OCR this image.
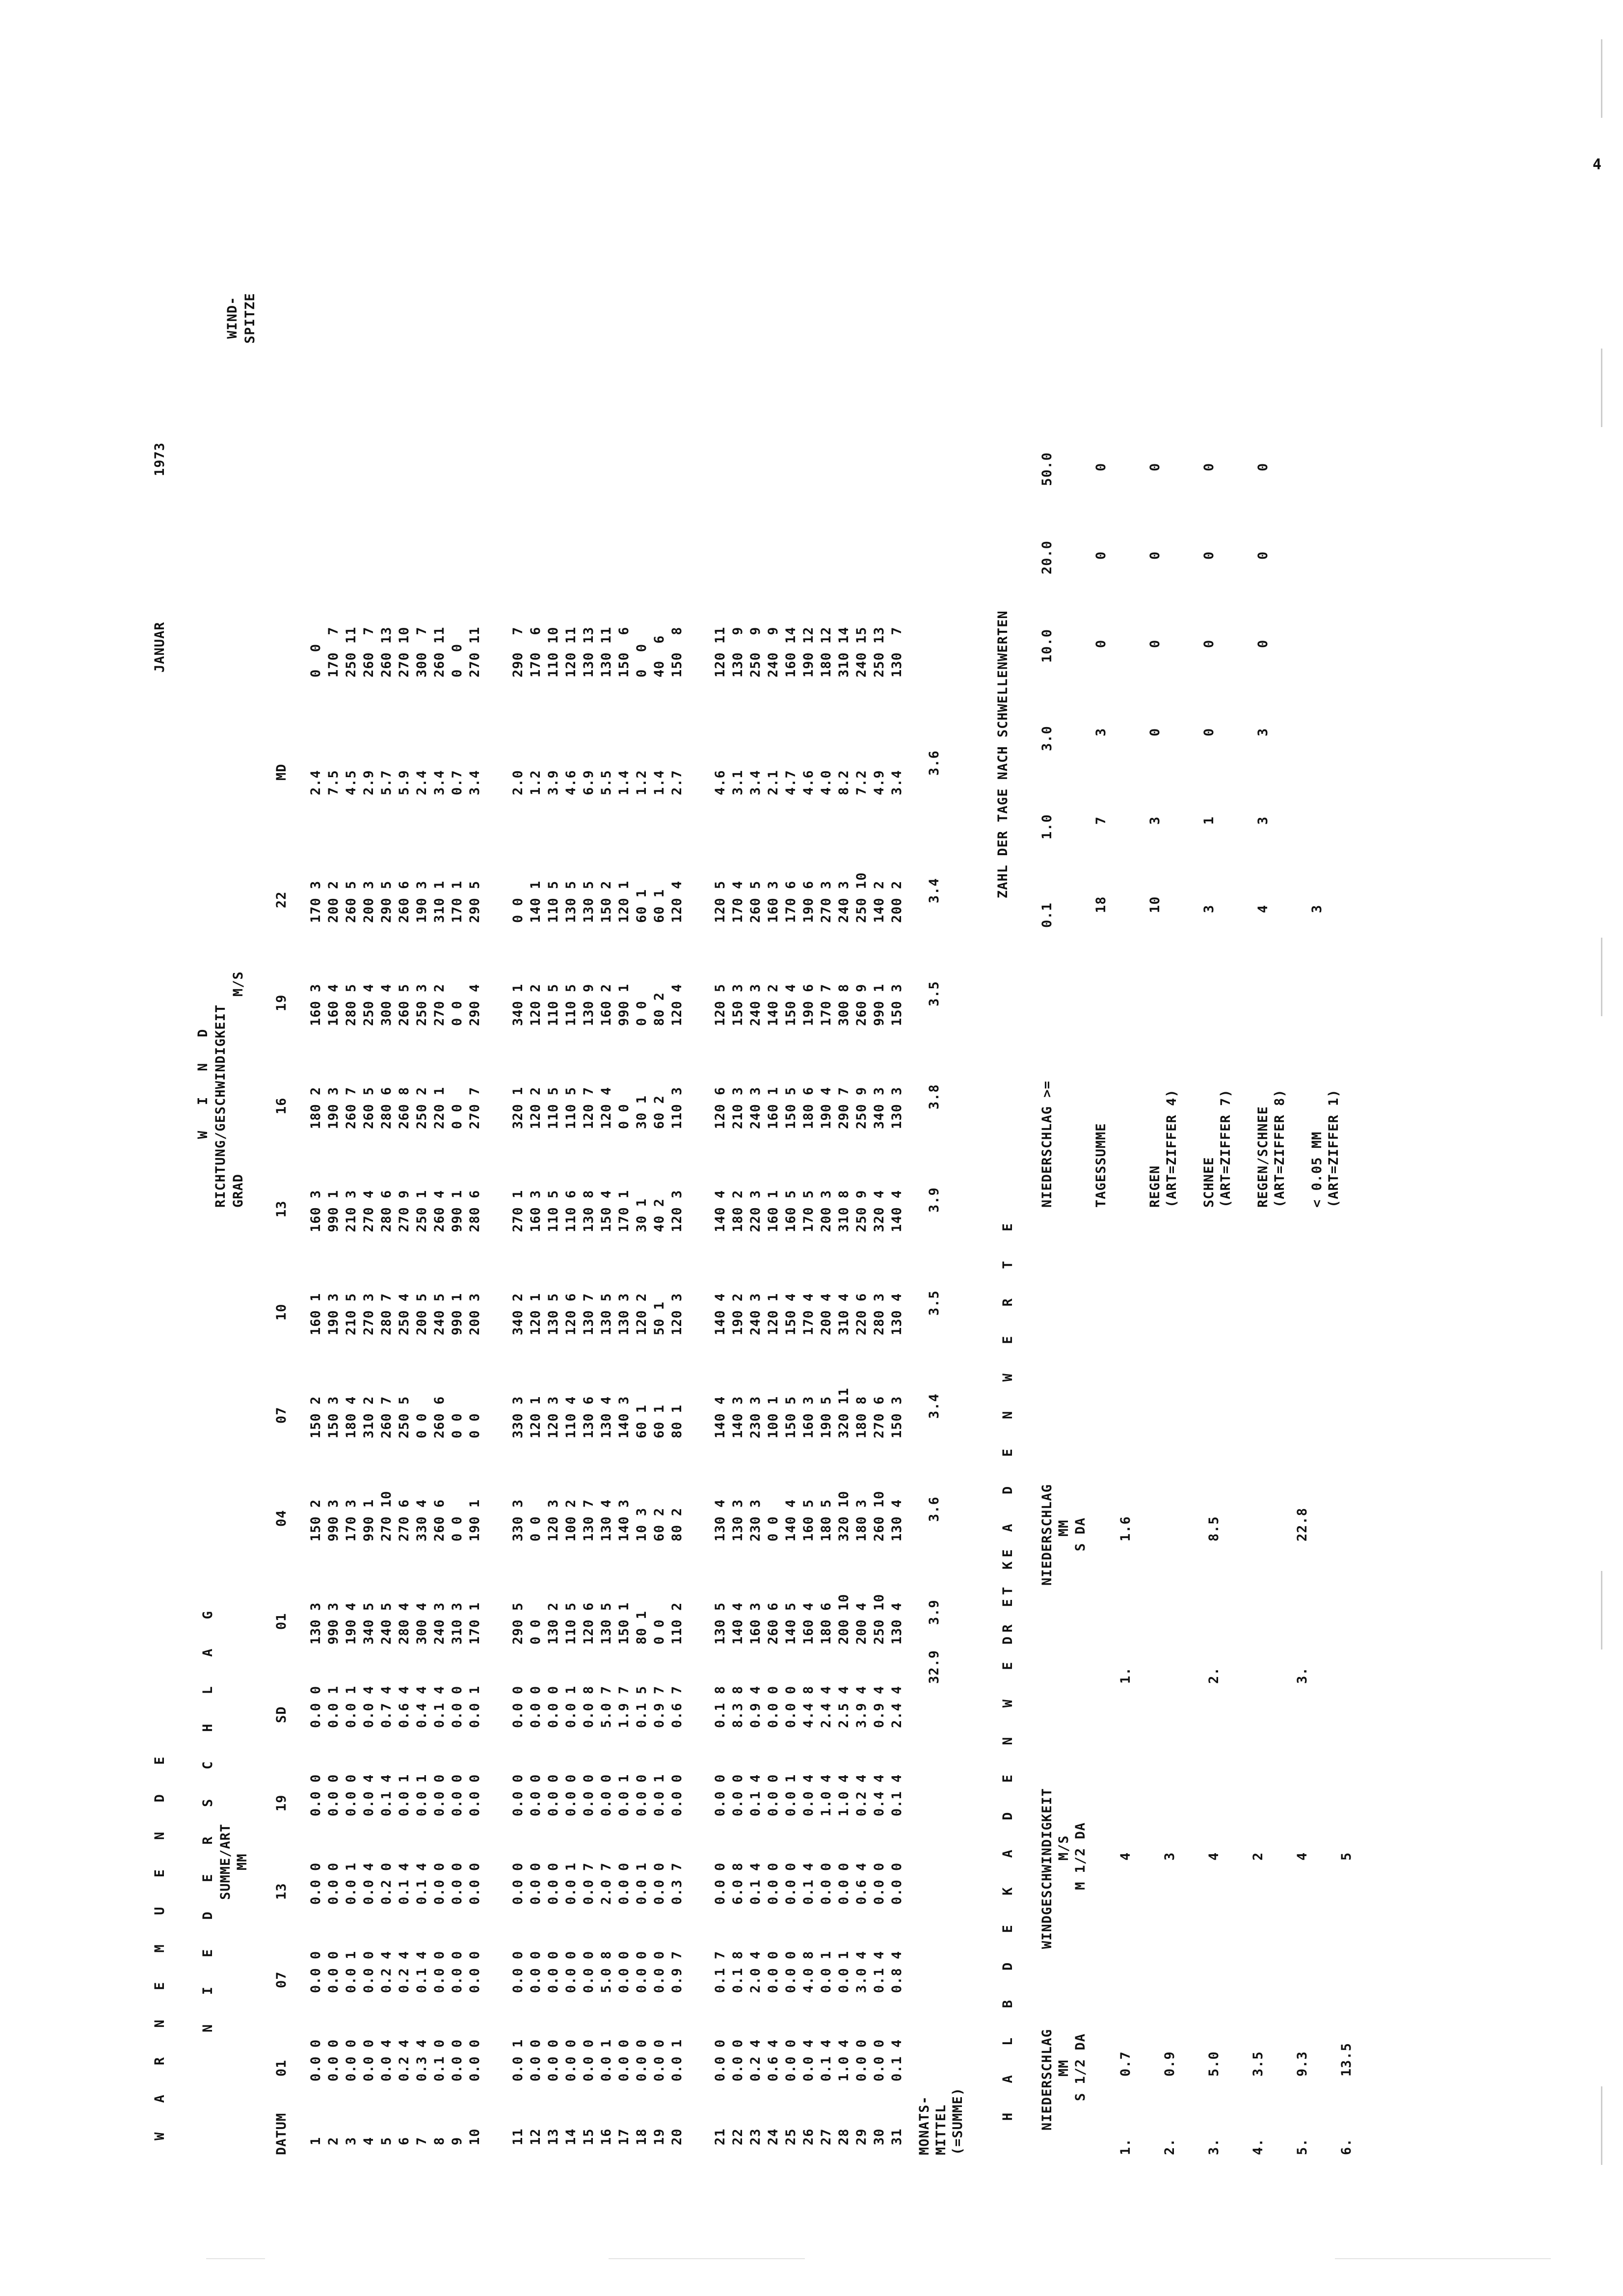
4
W A R N E M U E N D E
JANUAR
1973
N I E D E R S C H L A G SUMME/ART MM
W   I   N   D RICHTUNG/GESCHWINDIGKEIT GRAD
M/S
WIND- SPITZE
DATUM
01
07
13
19
SD
01
04
07
10
13
16
19
22
MD
1
0.0 0
0.0 0
0.0 0
0.0 0
0.0 0
130 3
150 2
150 2
160 1
160 3
180 2
160 3
170 3
2.4
0  0
2
0.0 0
0.0 0
0.0 0
0.0 0
0.0 1
990 3
990 3
150 3
190 3
990 1
190 3
160 4
200 2
7.5
170  7
3
0.0 0
0.0 1
0.0 1
0.0 0
0.0 1
190 4
170 3
180 4
210 5
210 3
260 7
280 5
260 5
4.5
250 11
4
0.0 0
0.0 0
0.0 4
0.0 4
0.0 4
340 5
990 1
310 2
270 3
270 4
260 5
250 4
200 3
2.9
260  7
5
0.0 4
0.2 4
0.2 0
0.1 4
0.7 4
240 5
270 10
260 7
280 7
280 6
280 6
300 4
290 5
5.7
260 13
6
0.2 4
0.2 4
0.1 4
0.0 1
0.6 4
280 4
270 6
250 5
250 4
270 9
260 8
260 5
260 6
5.9
270 10
7
0.3 4
0.1 4
0.1 4
0.0 1
0.4 4
300 4
330 4
0 0
200 5
250 1
250 2
250 3
190 3
2.4
300  7
8
0.1 0
0.0 0
0.0 0
0.0 0
0.1 4
240 3
260 6
260 6
240 5
260 4
220 1
270 2
310 1
3.4
260 11
9
0.0 0
0.0 0
0.0 0
0.0 0
0.0 0
310 3
0 0
0 0
990 1
990 1
0 0
0 0
170 1
0.7
0  0
10
0.0 0
0.0 0
0.0 0
0.0 0
0.0 1
170 1
190 1
0 0
200 3
280 6
270 7
290 4
290 5
3.4
270 11
11
0.0 1
0.0 0
0.0 0
0.0 0
0.0 0
290 5
330 3
330 3
340 2
270 1
320 1
340 1
0 0
2.0
290  7
12
0.0 0
0.0 0
0.0 0
0.0 0
0.0 0
0 0
0 0
120 1
120 1
160 3
120 2
120 2
140 1
1.2
170  6
13
0.0 0
0.0 0
0.0 0
0.0 0
0.0 0
130 2
120 3
120 3
130 5
110 5
110 5
110 5
110 5
3.9
110 10
14
0.0 0
0.0 0
0.0 1
0.0 0
0.0 1
110 5
100 2
110 4
120 6
110 6
110 5
110 5
130 5
4.6
120 11
15
0.0 0
0.0 0
0.0 7
0.0 0
0.0 8
120 6
130 7
130 6
130 7
130 8
120 7
130 9
130 5
6.9
130 13
16
0.0 1
5.0 8
2.0 7
0.0 0
5.0 7
130 5
130 4
130 4
130 5
150 4
120 4
160 2
150 2
5.5
130 11
17
0.0 0
0.0 0
0.0 0
0.0 1
1.9 7
150 1
140 3
140 3
130 3
170 1
0 0
990 1
120 1
1.4
150  6
18
0.0 0
0.0 0
0.0 1
0.0 0
0.1 5
80 1
10 3
60 1
120 2
30 1
30 1
0 0
60 1
1.2
0  0
19
0.0 0
0.0 0
0.0 0
0.0 1
0.9 7
0 0
60 2
60 1
50 1
40 2
60 2
80 2
60 1
1.4
40  6
20
0.0 1
0.9 7
0.3 7
0.0 0
0.6 7
110 2
80 2
80 1
120 3
120 3
110 3
120 4
120 4
2.7
150  8
21
0.0 0
0.1 7
0.0 0
0.0 0
0.1 8
130 5
130 4
140 4
140 4
140 4
120 6
120 5
120 5
4.6
120 11
22
0.0 0
0.1 8
6.0 8
0.0 0
8.3 8
140 4
130 3
140 3
190 2
180 2
210 3
150 3
170 4
3.1
130  9
23
0.2 4
2.0 4
0.1 4
0.1 4
0.9 4
160 3
230 3
230 3
240 3
220 3
240 3
240 3
260 5
3.4
250  9
24
0.6 4
0.0 0
0.0 0
0.0 0
0.0 0
260 6
0 0
100 1
120 1
160 1
160 1
140 2
160 3
2.1
240  9
25
0.0 0
0.0 0
0.0 0
0.0 1
0.0 0
140 5
140 4
150 5
150 4
160 5
150 5
150 4
170 6
4.7
160 14
26
0.0 4
4.0 8
0.1 4
0.0 4
4.4 8
160 4
160 5
160 3
170 4
170 5
180 6
190 6
190 6
4.6
190 12
27
0.1 4
0.0 1
0.0 0
1.0 4
2.4 4
180 6
180 5
190 5
200 4
200 3
190 4
170 7
270 3
4.0
180 12
28
1.0 4
0.0 1
0.0 0
1.0 4
2.5 4
200 10
320 10
320 11
310 4
310 8
290 7
300 8
240 3
8.2
310 14
29
0.0 0
3.0 4
0.6 4
0.2 4
3.9 4
200 4
180 3
180 8
220 6
250 9
250 9
260 9
250 10
7.2
240 15
30
0.0 0
0.1 4
0.0 0
0.4 4
0.9 4
250 10
260 10
270 6
280 3
320 4
340 3
990 1
140 2
4.9
250 13
31
0.1 4
0.8 4
0.0 0
0.1 4
2.4 4
130 4
130 4
150 3
130 4
140 4
130 3
150 3
200 2
3.4
130  7
MONATS- MITTEL (=SUMME)
32.9
3.9
3.6
3.4
3.5
3.9
3.8
3.5
3.4
3.6
H A L B D E K A D E N W E R T E NIEDERSCHLAG MM S 1/2 DA
WINDGESCHWINDIGKEIT M/S M 1/2 DA
1.
0.7
4
2.
0.9
3
3.
5.0
4
4.
3.5
2
5.
9.3
4
6.
13.5
5
D E K A D E N W E R T E NIEDERSCHLAG MM S DA
1.
1.6
2.
8.5
3.
22.8
ZAHL DER TAGE NACH SCHWELLENWERTEN
NIEDERSCHLAG >=
0.1
1.0
3.0
10.0
20.0
50.0
TAGESSUMME
18
7
3
0
0
0
REGEN (ART=ZIFFER 4)
10
3
0
0
0
0
SCHNEE (ART=ZIFFER 7)
3
1
0
0
0
0
REGEN/SCHNEE (ART=ZIFFER 8)
4
3
3
0
0
0
< 0.05 MM (ART=ZIFFER 1)
3
